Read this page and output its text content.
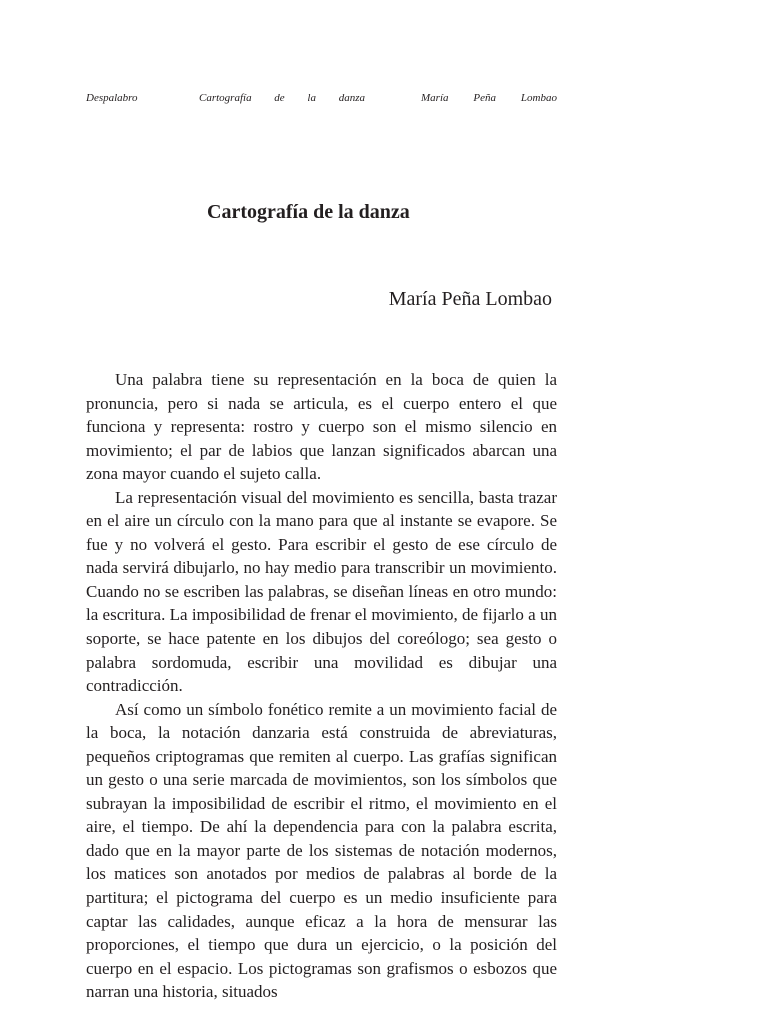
Despalabro	Cartografía de la danza	María Peña Lombao
Cartografía de la danza
María Peña Lombao

Una palabra tiene su representación en la boca de quien la pronuncia, pero si nada se articula, es el cuerpo entero el que funciona y representa: rostro y cuerpo son el mismo silencio en movimiento; el par de labios que lanzan significados abarcan una zona mayor cuando el sujeto calla.

La representación visual del movimiento es sencilla, basta trazar en el aire un círculo con la mano para que al instante se evapore. Se fue y no volverá el gesto. Para escribir el gesto de ese círculo de nada servirá dibujarlo, no hay medio para transcribir un movimiento. Cuando no se escriben las palabras, se diseñan líneas en otro mundo: la escritura. La imposibilidad de frenar el movimiento, de fijarlo a un soporte, se hace patente en los dibujos del coreólogo; sea gesto o palabra sordomuda, escribir una movilidad es dibujar una contradicción.

Así como un símbolo fonético remite a un movimiento facial de la boca, la notación danzaria está construida de abreviaturas, pequeños criptogramas que remiten al cuerpo. Las grafías significan un gesto o una serie marcada de movimientos, son los símbolos que subrayan la imposibilidad de escribir el ritmo, el movimiento en el aire, el tiempo. De ahí la dependencia para con la palabra escrita, dado que en la mayor parte de los sistemas de notación modernos, los matices son anotados por medios de palabras al borde de la partitura; el pictograma del cuerpo es un medio insuficiente para captar las calidades, aunque eficaz a la hora de mensurar las proporciones, el tiempo que dura un ejercicio, o la posición del cuerpo en el espacio. Los pictogramas son grafismos o esbozos que narran una historia, situados
